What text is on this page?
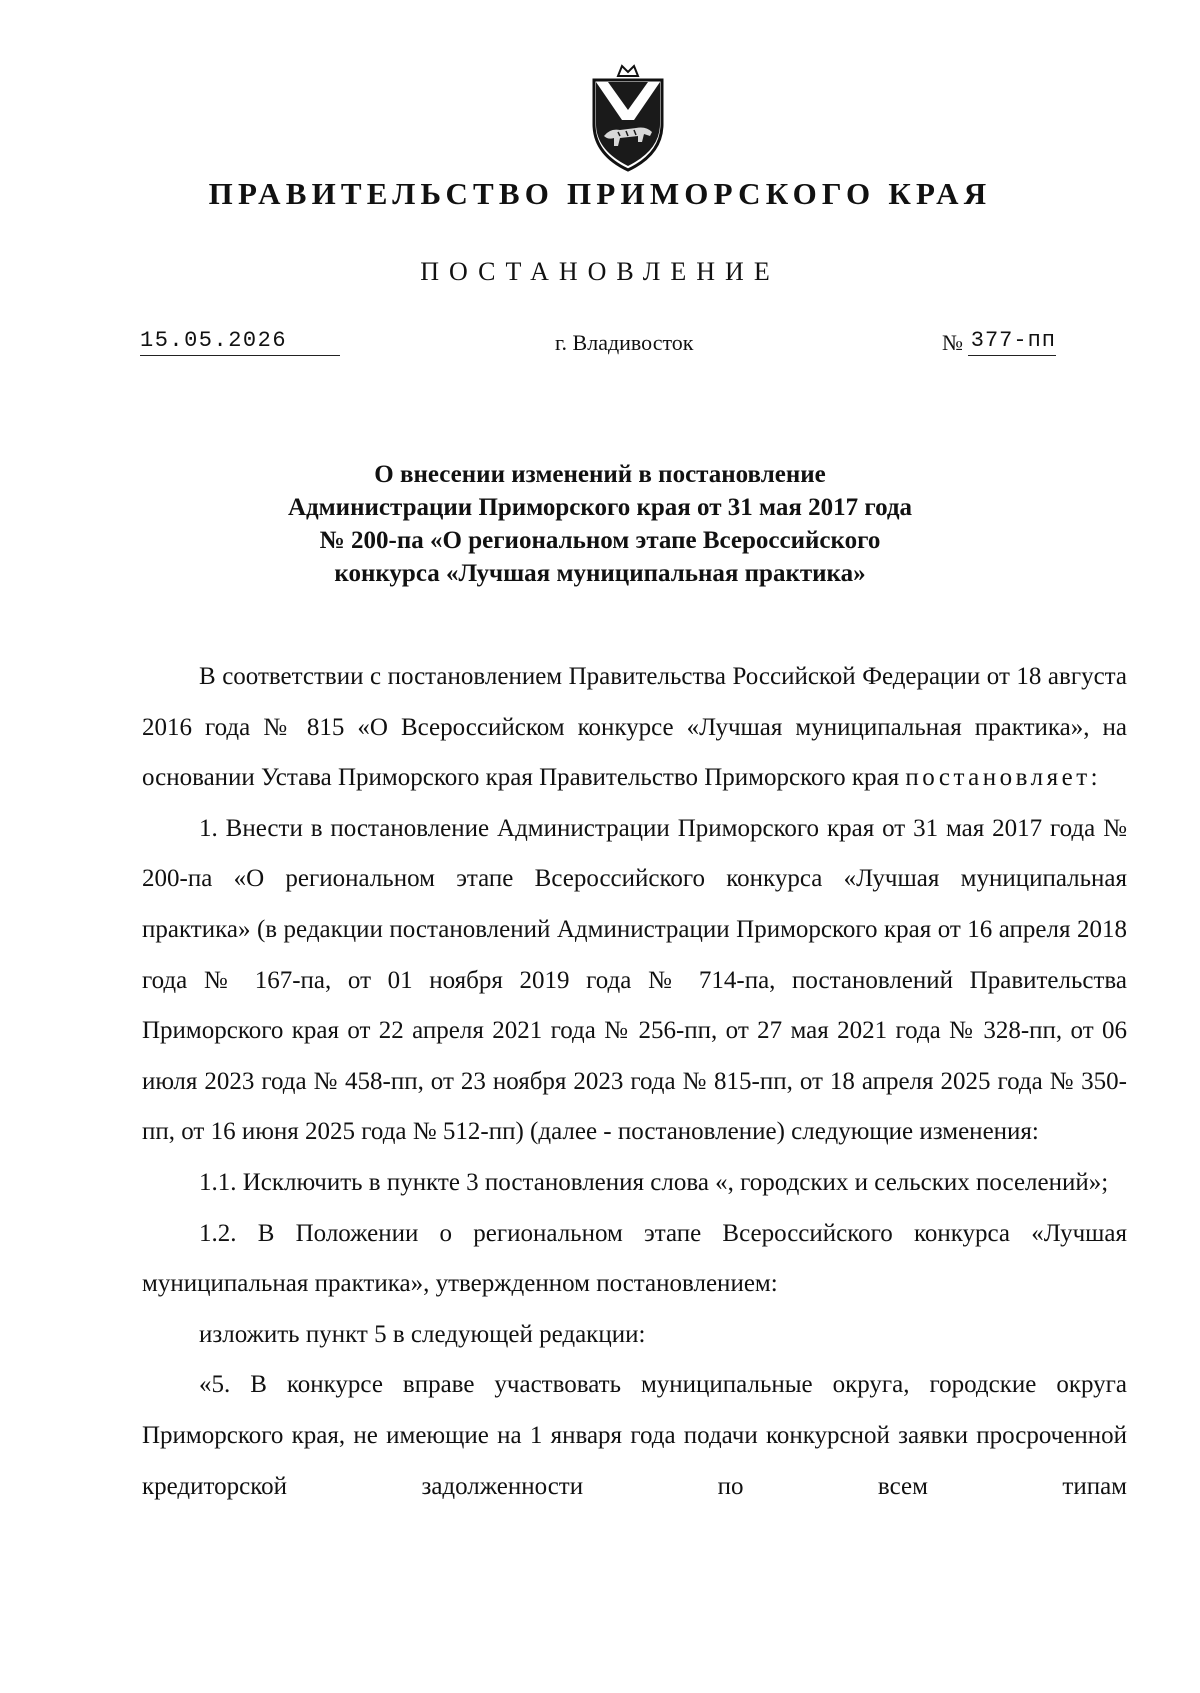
ПРАВИТЕЛЬСТВО ПРИМОРСКОГО КРАЯ
ПОСТАНОВЛЕНИЕ
15.05.2026	г. Владивосток	№ 377-пп
О внесении изменений в постановление
Администрации Приморского края от 31 мая 2017 года
№ 200-па «О региональном этапе Всероссийского
конкурса «Лучшая муниципальная практика»

В соответствии с постановлением Правительства Российской Федерации от 18 августа 2016 года № 815 «О Всероссийском конкурсе «Лучшая муниципальная практика», на основании Устава Приморского края Правительство Приморского края постановляет:

1. Внести в постановление Администрации Приморского края от 31 мая 2017 года № 200-па «О региональном этапе Всероссийского конкурса «Лучшая муниципальная практика» (в редакции постановлений Администрации Приморского края от 16 апреля 2018 года № 167-па, от 01 ноября 2019 года № 714-па, постановлений Правительства Приморского края от 22 апреля 2021 года № 256-пп, от 27 мая 2021 года № 328-пп, от 06 июля 2023 года № 458-пп, от 23 ноября 2023 года № 815-пп, от 18 апреля 2025 года № 350-пп, от 16 июня 2025 года № 512-пп) (далее - постановление) следующие изменения:

1.1. Исключить в пункте 3 постановления слова «, городских и сельских поселений»;

1.2. В Положении о региональном этапе Всероссийского конкурса «Лучшая муниципальная практика», утвержденном постановлением:

изложить пункт 5 в следующей редакции:

«5. В конкурсе вправе участвовать муниципальные округа, городские округа Приморского края, не имеющие на 1 января года подачи конкурсной заявки просроченной кредиторской задолженности по всем типам
